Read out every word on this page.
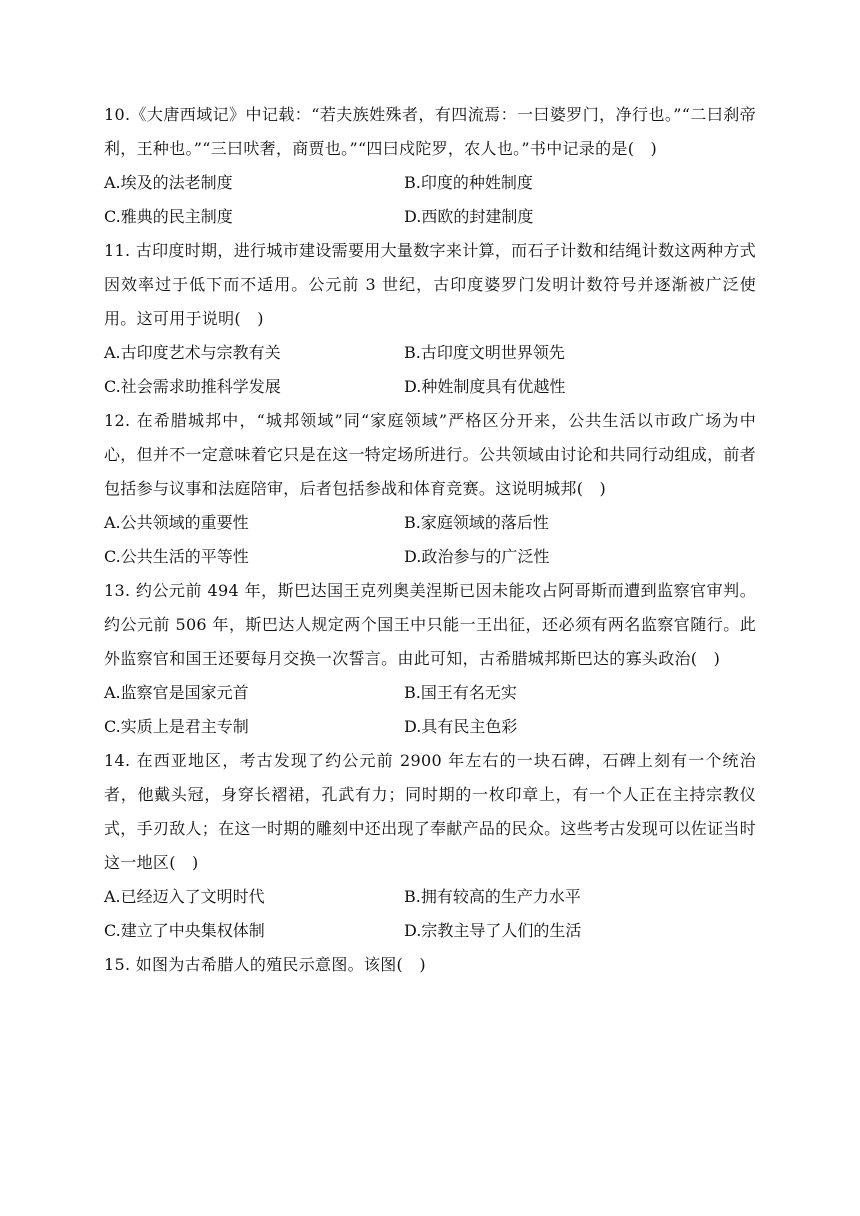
10.《大唐西域记》中记载：“若夫族姓殊者，有四流焉：一曰婆罗门，净行也。”“二曰刹帝利，王种也。”“三曰吠奢，商贾也。”“四曰戍陀罗，农人也。”书中记录的是(　)

A.埃及的法老制度	B.印度的种姓制度
C.雅典的民主制度	D.西欧的封建制度

11. 古印度时期，进行城市建设需要用大量数字来计算，而石子计数和结绳计数这两种方式因效率过于低下而不适用。公元前 3 世纪，古印度婆罗门发明计数符号并逐渐被广泛使用。这可用于说明(　)

A.古印度艺术与宗教有关	B.古印度文明世界领先
C.社会需求助推科学发展	D.种姓制度具有优越性

12. 在希腊城邦中，“城邦领域”同“家庭领域”严格区分开来，公共生活以市政广场为中心，但并不一定意味着它只是在这一特定场所进行。公共领域由讨论和共同行动组成，前者包括参与议事和法庭陪审，后者包括参战和体育竞赛。这说明城邦(　)

A.公共领域的重要性	B.家庭领域的落后性
C.公共生活的平等性	D.政治参与的广泛性

13. 约公元前 494 年，斯巴达国王克列奥美涅斯已因未能攻占阿哥斯而遭到监察官审判。约公元前 506 年，斯巴达人规定两个国王中只能一王出征，还必须有两名监察官随行。此外监察官和国王还要每月交换一次誓言。由此可知，古希腊城邦斯巴达的寡头政治(　)

A.监察官是国家元首	B.国王有名无实
C.实质上是君主专制	D.具有民主色彩

14. 在西亚地区，考古发现了约公元前 2900 年左右的一块石碑，石碑上刻有一个统治者，他戴头冠，身穿长褶裙，孔武有力；同时期的一枚印章上，有一个人正在主持宗教仪式，手刃敌人；在这一时期的雕刻中还出现了奉献产品的民众。这些考古发现可以佐证当时这一地区(　)

A.已经迈入了文明时代	B.拥有较高的生产力水平
C.建立了中央集权体制	D.宗教主导了人们的生活

15. 如图为古希腊人的殖民示意图。该图(　)
